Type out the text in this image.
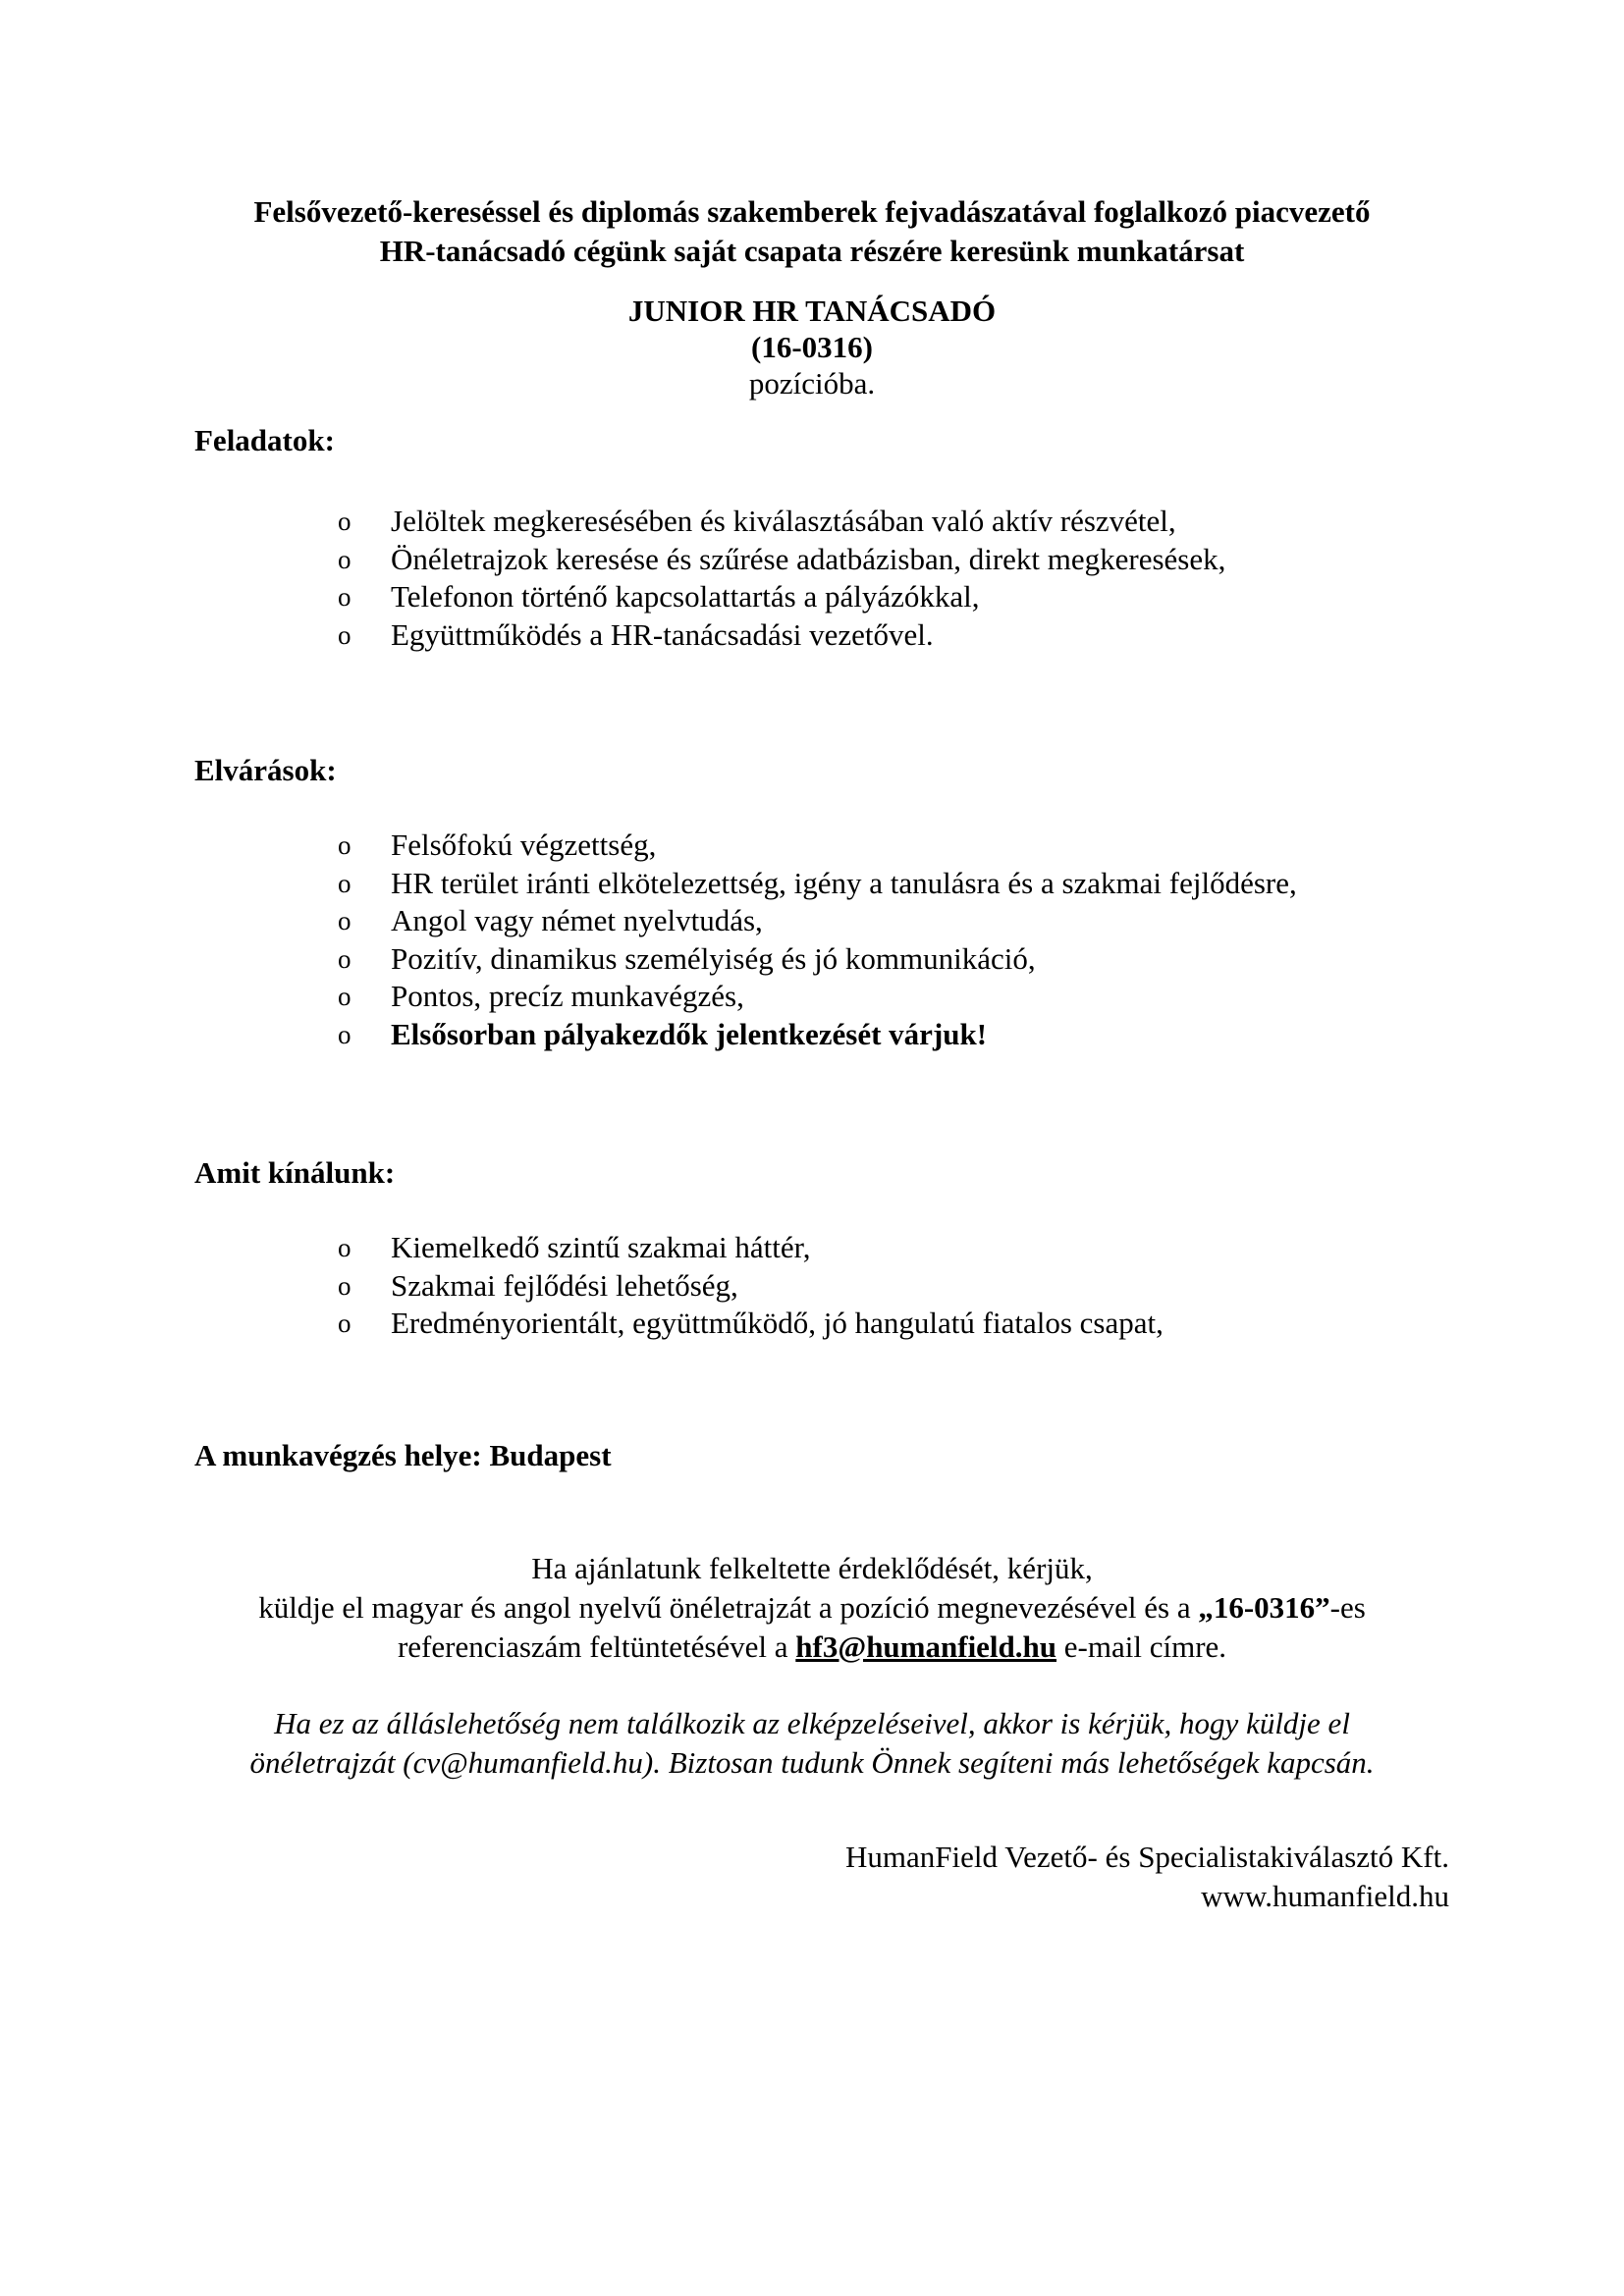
Felsővezető-kereséssel és diplomás szakemberek fejvadászatával foglalkozó piacvezető
HR-tanácsadó cégünk saját csapata részére keresünk munkatársat
JUNIOR HR TANÁCSADÓ
(16-0316)
pozícióba.
Feladatok:
o Jelöltek megkeresésében és kiválasztásában való aktív részvétel,
o Önéletrajzok keresése és szűrése adatbázisban, direkt megkeresések,
o Telefonon történő kapcsolattartás a pályázókkal,
o Együttműködés a HR-tanácsadási vezetővel.
Elvárások:
o Felsőfokú végzettség,
o HR terület iránti elkötelezettség, igény a tanulásra és a szakmai fejlődésre,
o Angol vagy német nyelvtudás,
o Pozitív, dinamikus személyiség és jó kommunikáció,
o Pontos, precíz munkavégzés,
o Elsősorban pályakezdők jelentkezését várjuk!
Amit kínálunk:
o Kiemelkedő szintű szakmai háttér,
o Szakmai fejlődési lehetőség,
o Eredményorientált, együttműködő, jó hangulatú fiatalos csapat,
A munkavégzés helye: Budapest
Ha ajánlatunk felkeltette érdeklődését, kérjük,
küldje el magyar és angol nyelvű önéletrajzát a pozíció megnevezésével és a „16-0316”-es
referenciaszám feltüntetésével a hf3@humanfield.hu e-mail címre.
Ha ez az álláslehetőség nem találkozik az elképzeléseivel, akkor is kérjük, hogy küldje el
önéletrajzát (cv@humanfield.hu). Biztosan tudunk Önnek segíteni más lehetőségek kapcsán.
HumanField Vezető- és Specialistakiválasztó Kft.
www.humanfield.hu
